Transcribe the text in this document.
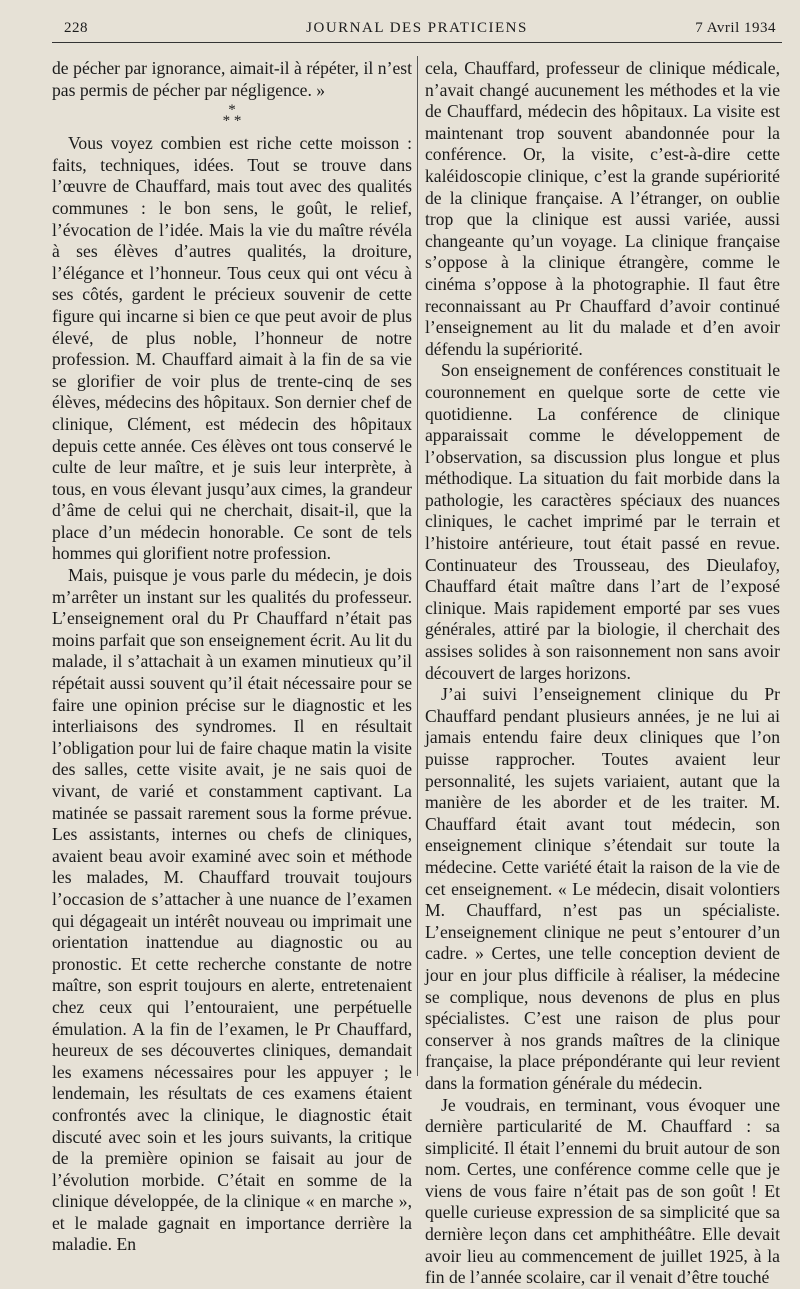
228	JOURNAL DES PRATICIENS	7 Avril 1934

de pécher par ignorance, aimait-il à répéter, il n’est pas permis de pécher par négligence. »

*
* *

Vous voyez combien est riche cette moisson : faits, techniques, idées. Tout se trouve dans l’œuvre de Chauffard, mais tout avec des qualités communes : le bon sens, le goût, le relief, l’évocation de l’idée. Mais la vie du maître révéla à ses élèves d’autres qualités, la droiture, l’élégance et l’honneur. Tous ceux qui ont vécu à ses côtés, gardent le précieux souvenir de cette figure qui incarne si bien ce que peut avoir de plus élevé, de plus noble, l’honneur de notre profession. M. Chauffard aimait à la fin de sa vie se glorifier de voir plus de trente-cinq de ses élèves, médecins des hôpitaux. Son dernier chef de clinique, Clément, est médecin des hôpitaux depuis cette année. Ces élèves ont tous conservé le culte de leur maître, et je suis leur interprète, à tous, en vous élevant jusqu’aux cimes, la grandeur d’âme de celui qui ne cherchait, disait-il, que la place d’un médecin honorable. Ce sont de tels hommes qui glorifient notre profession.

Mais, puisque je vous parle du médecin, je dois m’arrêter un instant sur les qualités du professeur. L’enseignement oral du Pr Chauffard n’était pas moins parfait que son enseignement écrit. Au lit du malade, il s’attachait à un examen minutieux qu’il répétait aussi souvent qu’il était nécessaire pour se faire une opinion précise sur le diagnostic et les interliaisons des syndromes. Il en résultait l’obligation pour lui de faire chaque matin la visite des salles, cette visite avait, je ne sais quoi de vivant, de varié et constamment captivant. La matinée se passait rarement sous la forme prévue. Les assistants, internes ou chefs de cliniques, avaient beau avoir examiné avec soin et méthode les malades, M. Chauffard trouvait toujours l’occasion de s’attacher à une nuance de l’examen qui dégageait un intérêt nouveau ou imprimait une orientation inattendue au diagnostic ou au pronostic. Et cette recherche constante de notre maître, son esprit toujours en alerte, entretenaient chez ceux qui l’entouraient, une perpétuelle émulation. A la fin de l’examen, le Pr Chauffard, heureux de ses découvertes cliniques, demandait les examens nécessaires pour les appuyer ; le lendemain, les résultats de ces examens étaient confrontés avec la clinique, le diagnostic était discuté avec soin et les jours suivants, la critique de la première opinion se faisait au jour de l’évolution morbide. C’était en somme de la clinique développée, de la clinique « en marche », et le malade gagnait en importance derrière la maladie. En

cela, Chauffard, professeur de clinique médicale, n’avait changé aucunement les méthodes et la vie de Chauffard, médecin des hôpitaux. La visite est maintenant trop souvent abandonnée pour la conférence. Or, la visite, c’est-à-dire cette kaléidoscopie clinique, c’est la grande supériorité de la clinique française. A l’étranger, on oublie trop que la clinique est aussi variée, aussi changeante qu’un voyage. La clinique française s’oppose à la clinique étrangère, comme le cinéma s’oppose à la photographie. Il faut être reconnaissant au Pr Chauffard d’avoir continué l’enseignement au lit du malade et d’en avoir défendu la supériorité.

Son enseignement de conférences constituait le couronnement en quelque sorte de cette vie quotidienne. La conférence de clinique apparaissait comme le développement de l’observation, sa discussion plus longue et plus méthodique. La situation du fait morbide dans la pathologie, les caractères spéciaux des nuances cliniques, le cachet imprimé par le terrain et l’histoire antérieure, tout était passé en revue. Continuateur des Trousseau, des Dieulafoy, Chauffard était maître dans l’art de l’exposé clinique. Mais rapidement emporté par ses vues générales, attiré par la biologie, il cherchait des assises solides à son raisonnement non sans avoir découvert de larges horizons.

J’ai suivi l’enseignement clinique du Pr Chauffard pendant plusieurs années, je ne lui ai jamais entendu faire deux cliniques que l’on puisse rapprocher. Toutes avaient leur personnalité, les sujets variaient, autant que la manière de les aborder et de les traiter. M. Chauffard était avant tout médecin, son enseignement clinique s’étendait sur toute la médecine. Cette variété était la raison de la vie de cet enseignement. « Le médecin, disait volontiers M. Chauffard, n’est pas un spécialiste. L’enseignement clinique ne peut s’entourer d’un cadre. » Certes, une telle conception devient de jour en jour plus difficile à réaliser, la médecine se complique, nous devenons de plus en plus spécialistes. C’est une raison de plus pour conserver à nos grands maîtres de la clinique française, la place prépondérante qui leur revient dans la formation générale du médecin.

Je voudrais, en terminant, vous évoquer une dernière particularité de M. Chauffard : sa simplicité. Il était l’ennemi du bruit autour de son nom. Certes, une conférence comme celle que je viens de vous faire n’était pas de son goût ! Et quelle curieuse expression de sa simplicité que sa dernière leçon dans cet amphithéâtre. Elle devait avoir lieu au commencement de juillet 1925, à la fin de l’année scolaire, car il venait d’être touché
